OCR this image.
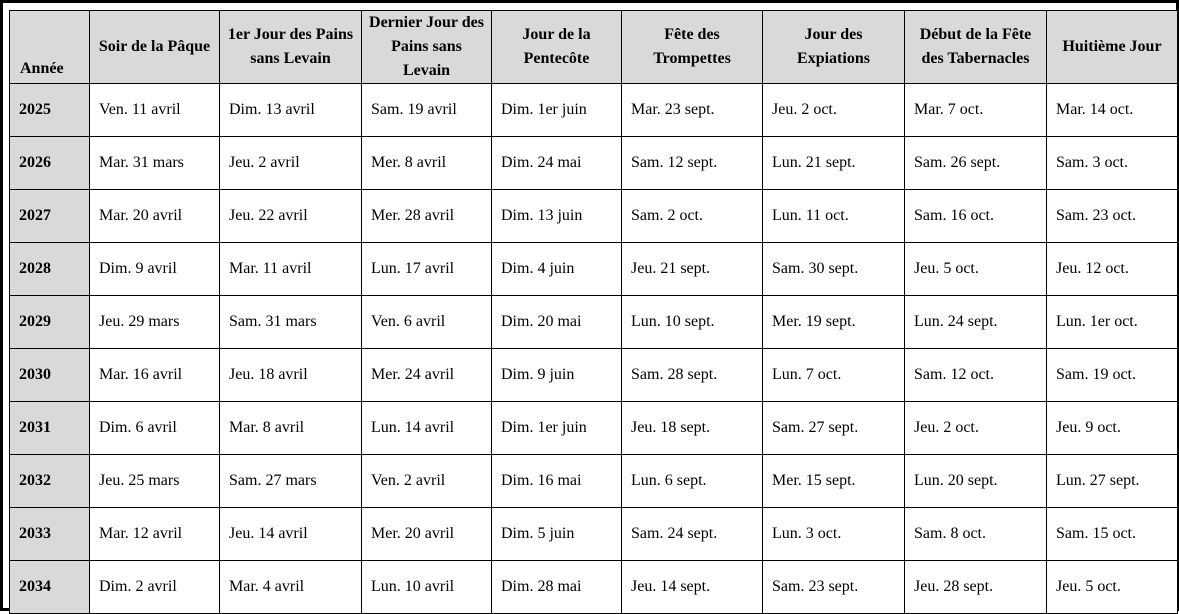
Année	Soir de la Pâque	1er Jour des Pains sans Levain	Dernier Jour des Pains sans Levain	Jour de la Pentecôte	Fête des Trompettes	Jour des Expiations	Début de la Fête des Tabernacles	Huitième Jour
2025	Ven. 11 avril	Dim. 13 avril	Sam. 19 avril	Dim. 1er juin	Mar. 23 sept.	Jeu. 2 oct.	Mar. 7 oct.	Mar. 14 oct.
2026	Mar. 31 mars	Jeu. 2 avril	Mer. 8 avril	Dim. 24 mai	Sam. 12 sept.	Lun. 21 sept.	Sam. 26 sept.	Sam. 3 oct.
2027	Mar. 20 avril	Jeu. 22 avril	Mer. 28 avril	Dim. 13 juin	Sam. 2 oct.	Lun. 11 oct.	Sam. 16 oct.	Sam. 23 oct.
2028	Dim. 9 avril	Mar. 11 avril	Lun. 17 avril	Dim. 4 juin	Jeu. 21 sept.	Sam. 30 sept.	Jeu. 5 oct.	Jeu. 12 oct.
2029	Jeu. 29 mars	Sam. 31 mars	Ven. 6 avril	Dim. 20 mai	Lun. 10 sept.	Mer. 19 sept.	Lun. 24 sept.	Lun. 1er oct.
2030	Mar. 16 avril	Jeu. 18 avril	Mer. 24 avril	Dim. 9 juin	Sam. 28 sept.	Lun. 7 oct.	Sam. 12 oct.	Sam. 19 oct.
2031	Dim. 6 avril	Mar. 8 avril	Lun. 14 avril	Dim. 1er juin	Jeu. 18 sept.	Sam. 27 sept.	Jeu. 2 oct.	Jeu. 9 oct.
2032	Jeu. 25 mars	Sam. 27 mars	Ven. 2 avril	Dim. 16 mai	Lun. 6 sept.	Mer. 15 sept.	Lun. 20 sept.	Lun. 27 sept.
2033	Mar. 12 avril	Jeu. 14 avril	Mer. 20 avril	Dim. 5 juin	Sam. 24 sept.	Lun. 3 oct.	Sam. 8 oct.	Sam. 15 oct.
2034	Dim. 2 avril	Mar. 4 avril	Lun. 10 avril	Dim. 28 mai	Jeu. 14 sept.	Sam. 23 sept.	Jeu. 28 sept.	Jeu. 5 oct.
